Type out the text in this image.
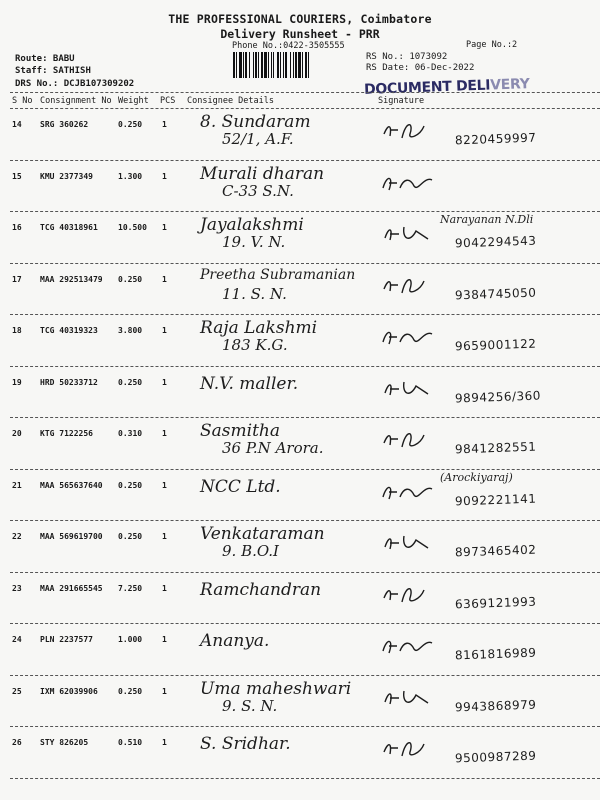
THE PROFESSIONAL COURIERS, Coimbatore
Delivery Runsheet - PRR
Phone No.:0422-3505555	Page No.:2
Route: BABU
Staff: SATHISH
DRS No.: DCJB107309202
RS No.: 1073092
RS Date: 06-Dec-2022
DOCUMENT DELIVERY
S No Consignment No Weight PCS Consignee Details	Signature
14 SRG 360262	0.250 1 8. Sundaram
52/1, A.F.	8220459997
15 KMU 2377349	1.300 1 Murali dharan
C-33 S.N.
16 TCG 40318961	10.500 1 Jayalakshmi
19. V. N.
Narayanan N.Dli
9042294543
17 MAA 292513479 0.250 1 Preetha Subramanian
11. S. N.	9384745050
18 TCG 40319323	3.800 1 Raja Lakshmi
183 K.G.	9659001122
19 HRD 50233712	0.250 1 N.V. maller.
9894256/360
20 KTG 7122256	0.310 1 Sasmitha
36 P.N Arora.	9841282551
21 MAA 565637640 0.250 1 NCC Ltd.	(Arockiyaraj)
9092221141
22 MAA 569619700 0.250 1 Venkataraman
9. B.O.I	8973465402
23 MAA 291665545 7.250 1 Ramchandran
6369121993
24 PLN 2237577	1.000 1 Ananya.
8161816989
25 IXM 62039906	0.250 1 Uma maheshwari
9. S. N.	9943868979
26 STY 826205	0.510 1 S. Sridhar.
9500987289
